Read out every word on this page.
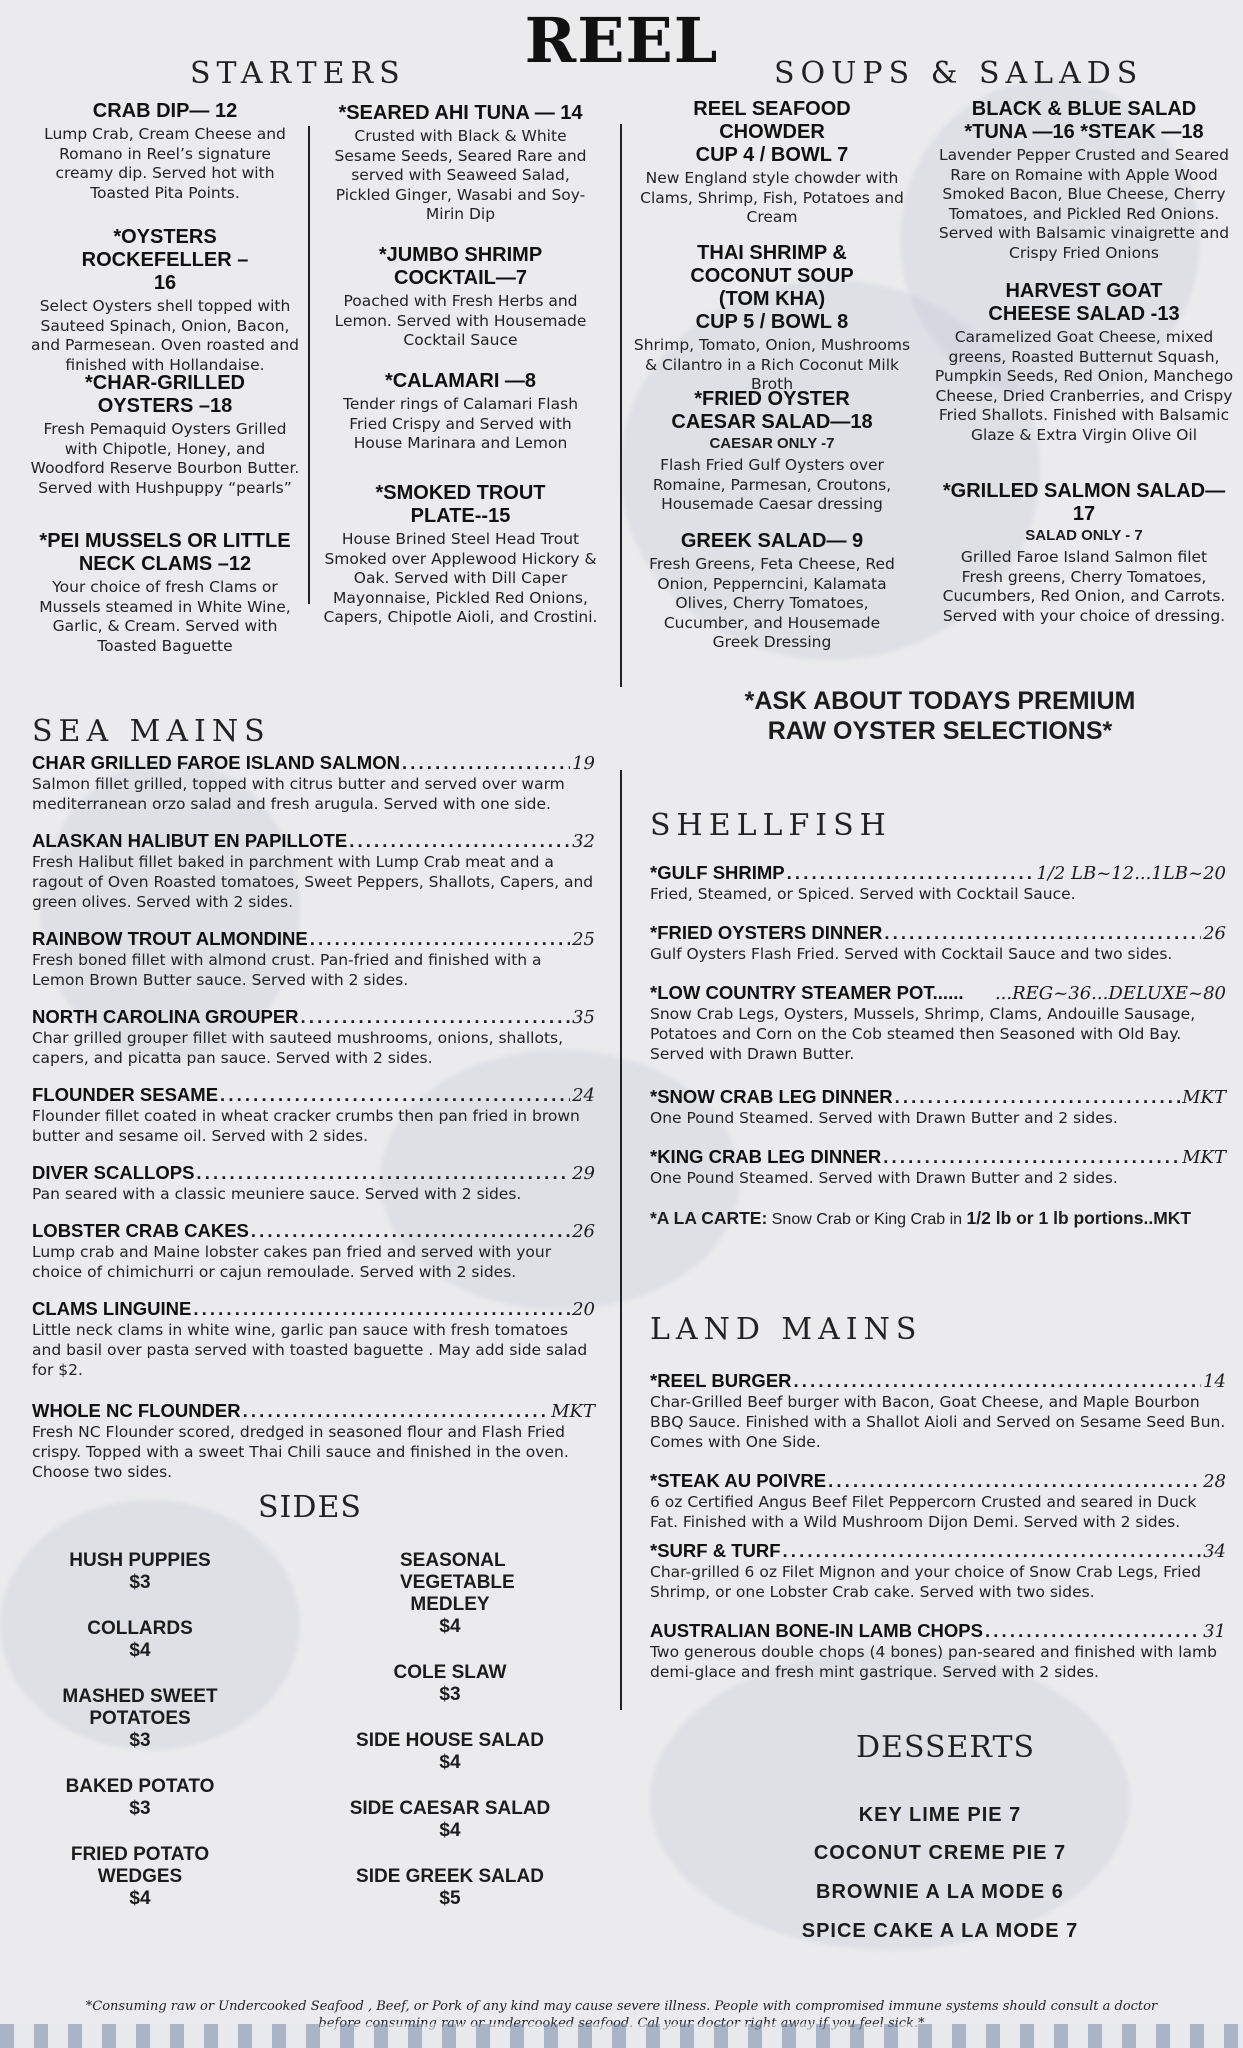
REEL
STARTERS
CRAB DIP— 12
Lump Crab, Cream Cheese and Romano in Reel’s signature creamy dip. Served hot with Toasted Pita Points.
*OYSTERS ROCKEFELLER –16
Select Oysters shell topped with Sauteed Spinach, Onion, Bacon, and Parmesean. Oven roasted and finished with Hollandaise.
*CHAR-GRILLED OYSTERS –18
Fresh Pemaquid Oysters Grilled with Chipotle, Honey, and Woodford Reserve Bourbon Butter. Served with Hushpuppy “pearls”
*PEI MUSSELS OR LITTLE NECK CLAMS –12
Your choice of fresh Clams or Mussels steamed in White Wine, Garlic, & Cream. Served with Toasted Baguette
*SEARED AHI TUNA — 14
Crusted with Black & White Sesame Seeds, Seared Rare and served with Seaweed Salad, Pickled Ginger, Wasabi and Soy-Mirin Dip
*JUMBO SHRIMP COCKTAIL—7
Poached with Fresh Herbs and Lemon. Served with Housemade Cocktail Sauce
*CALAMARI —8
Tender rings of Calamari Flash Fried Crispy and Served with House Marinara and Lemon
*SMOKED TROUT PLATE--15
House Brined Steel Head Trout Smoked over Applewood Hickory & Oak. Served with Dill Caper Mayonnaise, Pickled Red Onions, Capers, Chipotle Aioli, and Crostini.
SOUPS & SALADS
REEL SEAFOOD CHOWDER
CUP 4 / BOWL 7
New England style chowder with Clams, Shrimp, Fish, Potatoes and Cream
THAI SHRIMP & COCONUT SOUP (TOM KHA)
CUP 5 / BOWL 8
Shrimp, Tomato, Onion, Mushrooms & Cilantro in a Rich Coconut Milk Broth
*FRIED OYSTER CAESAR SALAD—18
CAESAR ONLY -7
Flash Fried Gulf Oysters over Romaine, Parmesan, Croutons, Housemade Caesar dressing
GREEK SALAD— 9
Fresh Greens, Feta Cheese, Red Onion, Pepperncini, Kalamata Olives, Cherry Tomatoes, Cucumber, and Housemade Greek Dressing
BLACK & BLUE SALAD *TUNA —16 *STEAK —18
Lavender Pepper Crusted and Seared Rare on Romaine with Apple Wood Smoked Bacon, Blue Cheese, Cherry Tomatoes, and Pickled Red Onions. Served with Balsamic vinaigrette and Crispy Fried Onions
HARVEST GOAT CHEESE SALAD -13
Caramelized Goat Cheese, mixed greens, Roasted Butternut Squash, Pumpkin Seeds, Red Onion, Manchego Cheese, Dried Cranberries, and Crispy Fried Shallots. Finished with Balsamic Glaze & Extra Virgin Olive Oil
*GRILLED SALMON SALAD—17
SALAD ONLY - 7
Grilled Faroe Island Salmon filet Fresh greens, Cherry Tomatoes, Cucumbers, Red Onion, and Carrots. Served with your choice of dressing.
*ASK ABOUT TODAYS PREMIUM RAW OYSTER SELECTIONS*
SEA MAINS
CHAR GRILLED FAROE ISLAND SALMON . . .	19
Salmon fillet grilled, topped with citrus butter and served over warm mediterranean orzo salad and fresh arugula. Served with one side.
ALASKAN HALIBUT EN PAPILLOTE . . .	32
Fresh Halibut fillet baked in parchment with Lump Crab meat and a ragout of Oven Roasted tomatoes, Sweet Peppers, Shallots, Capers, and green olives. Served with 2 sides.
RAINBOW TROUT ALMONDINE . . .	25
Fresh boned fillet with almond crust. Pan-fried and finished with a Lemon Brown Butter sauce. Served with 2 sides.
NORTH CAROLINA GROUPER . . .	35
Char grilled grouper fillet with sauteed mushrooms, onions, shallots, capers, and picatta pan sauce. Served with 2 sides.
FLOUNDER SESAME . . .	24
Flounder fillet coated in wheat cracker crumbs then pan fried in brown butter and sesame oil. Served with 2 sides.
DIVER SCALLOPS . . .	29
Pan seared with a classic meuniere sauce. Served with 2 sides.
LOBSTER CRAB CAKES . . .	26
Lump crab and Maine lobster cakes pan fried and served with your choice of chimichurri or cajun remoulade. Served with 2 sides.
CLAMS LINGUINE . . .	20
Little neck clams in white wine, garlic pan sauce with fresh tomatoes and basil over pasta served with toasted baguette . May add side salad for $2.
WHOLE NC FLOUNDER . . .	MKT
Fresh NC Flounder scored, dredged in seasoned flour and Flash Fried crispy. Topped with a sweet Thai Chili sauce and finished in the oven. Choose two sides.
SHELLFISH
*GULF SHRIMP . . .	1/2 LB~12...1LB~20
Fried, Steamed, or Spiced. Served with Cocktail Sauce.
*FRIED OYSTERS DINNER . . .	26
Gulf Oysters Flash Fried. Served with Cocktail Sauce and two sides.
*LOW COUNTRY STEAMER POT...... ...REG~36...DELUXE~80
Snow Crab Legs, Oysters, Mussels, Shrimp, Clams, Andouille Sausage, Potatoes and Corn on the Cob steamed then Seasoned with Old Bay. Served with Drawn Butter.
*SNOW CRAB LEG DINNER . . .	MKT
One Pound Steamed. Served with Drawn Butter and 2 sides.
*KING CRAB LEG DINNER . . .	MKT
One Pound Steamed. Served with Drawn Butter and 2 sides.
*A LA CARTE: Snow Crab or King Crab in 1/2 lb or 1 lb portions..MKT
LAND MAINS
*REEL BURGER . . .	14
Char-Grilled Beef burger with Bacon, Goat Cheese, and Maple Bourbon BBQ Sauce. Finished with a Shallot Aioli and Served on Sesame Seed Bun. Comes with One Side.
*STEAK AU POIVRE . . .	28
6 oz Certified Angus Beef Filet Peppercorn Crusted and seared in Duck Fat. Finished with a Wild Mushroom Dijon Demi. Served with 2 sides.
*SURF & TURF . . .	34
Char-grilled 6 oz Filet Mignon and your choice of Snow Crab Legs, Fried Shrimp, or one Lobster Crab cake. Served with two sides.
AUSTRALIAN BONE-IN LAMB CHOPS . . .	31
Two generous double chops (4 bones) pan-seared and finished with lamb demi-glace and fresh mint gastrique. Served with 2 sides.
SIDES
HUSH PUPPIES
$3
COLLARDS
$4
MASHED SWEET POTATOES
$3
BAKED POTATO
$3
FRIED POTATO WEDGES
$4
SEASONAL VEGETABLE MEDLEY
$4
COLE SLAW
$3
SIDE HOUSE SALAD
$4
SIDE CAESAR SALAD
$4
SIDE GREEK SALAD
$5
DESSERTS
KEY LIME PIE 7
COCONUT CREME PIE 7
BROWNIE A LA MODE 6
SPICE CAKE A LA MODE 7
*Consuming raw or Undercooked Seafood , Beef, or Pork of any kind may cause severe illness. People with compromised immune systems should consult a doctor
